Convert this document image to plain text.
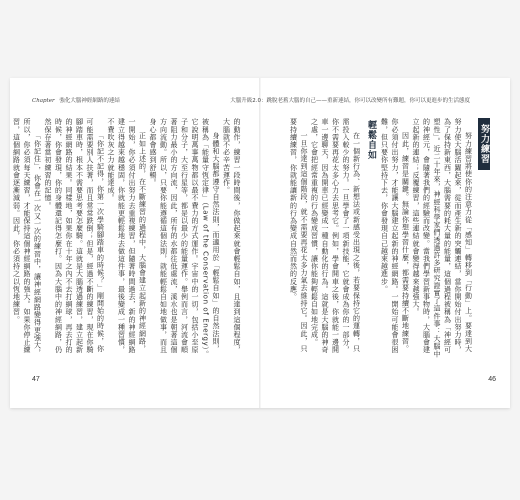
Chapter 強化大腦神經網路的連結

的動作，練習一段時間後，你做起來就會輕鬆自如，且達到這個程度，大腦就不必辛苦運作。

身體和大腦都遵守自然法則，而適用於「輕鬆自如」的自然法則，被稱為「能量守恆定律」（Law of the Conservation of Energy）。它說明萬事萬物都以最不費力的方式運作。宇宙中的一切，包括小至原子和分子，大至行星等，都是以最少的能量運作。舉例而言，河流會順著阻力最小的方向流，因此，所有的水都往低處流，溪水也是朝著這個方向流動。所以，只要你能遵循這個法則，就能輕鬆自如地做事，而且身心都會感到舒暢。

正如上述的，在不斷練習的過程中，大腦會建立起新的神經網路，一開始，你必須付出努力去重複練習，但隨著時間過去，新的神經網路建立得越來越穩固，你就能更輕鬆地去做這件事，最後變成一種習慣，不費吹灰之力就能達成。

「你記不記得，你第一次學騎腳踏車的時候？」剛開始的時候，你可能需要別人扶著，而且常常跌倒；但是，經過不斷的練習，現在你騎腳踏車時，根本不需要思考要怎麼騎。這就是大腦透過練習，建立起新的神經網路的結果。同樣地，如果你在十年之內不去打網球，再去打的時候，你會發現，你的身體還記得怎麼打。因為大腦中的神經網路，仍然保存著當初練習的記憶。

「你記住」，你會在一次又一次的練習中，讓神經網路變得更強大，所以，你必須每天練習，才能保持這個神經網路的強大。如果你停止練習，這個網路就會逐漸減弱。因此，你必須持之以恆地練習。

47
大腦升級2.0：跳脫老舊大腦的自己——重新連結，你可以改變所有難題，你可以更進步的生活態度
努力練習

努力練習將使你的注意力從「感知」轉移到「行動」上。要達到大努力使大腦活躍起來，從而產生新的突觸連結，當你開始付出努力時，為了保持新東西，大腦需要的耗大量的能量，這個過程被稱為「神經可塑性」。近二十年來，神經科學家們透過許多研究證實了這件事：大腦中的神經元，會隨著我們的經驗而改變。當我們學習新事物時，大腦會建立起新的連結；反覆練習，這些連結就會變得越來越強大。

因此，練習是關鍵。無論你想學習什麼，都需要持續不斷地練習。你必須付出努力，才能讓大腦建立起新的神經網路。一開始可能會很困難，但只要你堅持下去，你會發現自己越來越進步。

輕鬆自如

在一個新行為、新想法或新感受出現之後，若要保持它的運轉，只需投入較少的努力。一旦學會了一項新技能，它就會成為你的一部分，你不需要再花太多心力去思考它。例如，學會開車之後，你就能一邊開車一邊聊天，因為開車已經變成一種自動化的行為。這就是大腦的神奇之處，它會把經常重複的行為變成習慣，讓你能夠輕鬆自如地完成。

一旦你達到這個階段，就不需要再花太多力氣去維持它。因此，只要持續練習，你就能讓新的行為變成自然而然的反應。

46
